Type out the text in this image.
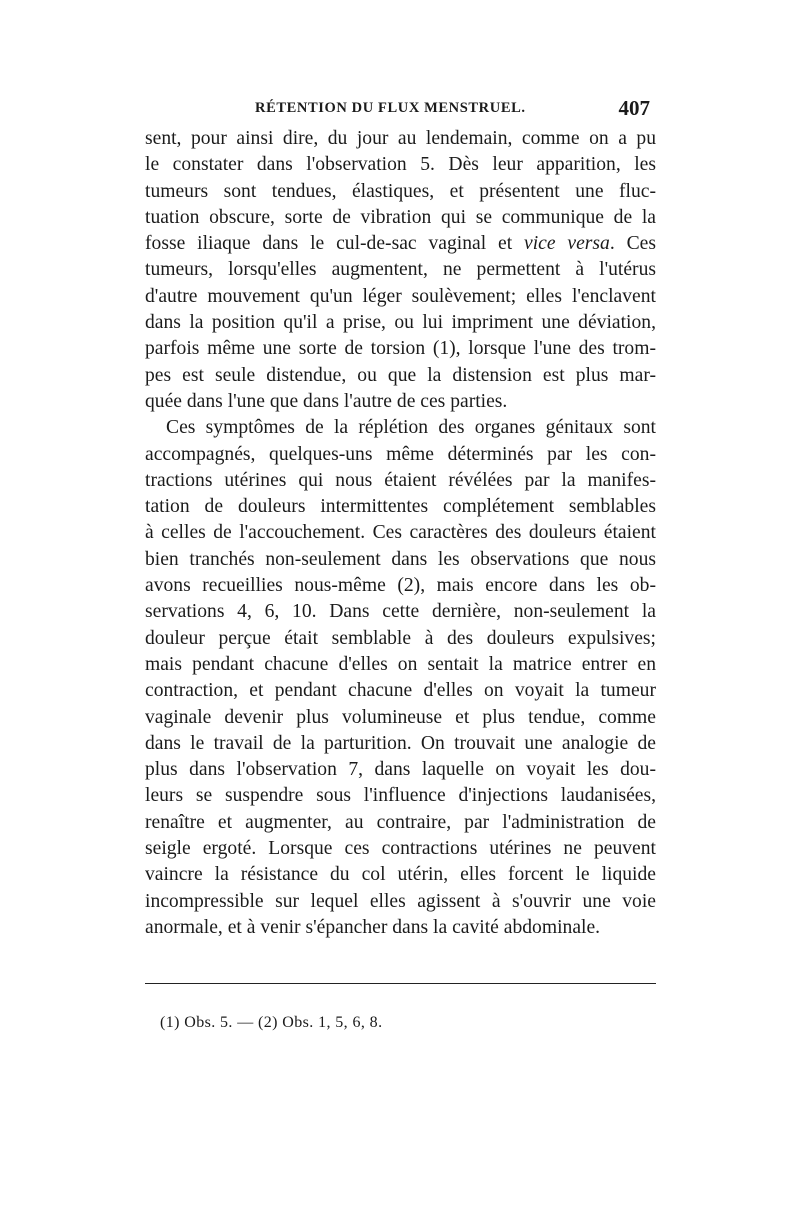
RÉTENTION DU FLUX MENSTRUEL.	407
sent, pour ainsi dire, du jour au lendemain, comme on a pu
le constater dans l'observation 5. Dès leur apparition, les
tumeurs sont tendues, élastiques, et présentent une fluc-
tuation obscure, sorte de vibration qui se communique de la
fosse iliaque dans le cul-de-sac vaginal et vice versa. Ces
tumeurs, lorsqu'elles augmentent, ne permettent à l'utérus
d'autre mouvement qu'un léger soulèvement; elles l'enclavent
dans la position qu'il a prise, ou lui impriment une déviation,
parfois même une sorte de torsion (1), lorsque l'une des trom-
pes est seule distendue, ou que la distension est plus mar-
quée dans l'une que dans l'autre de ces parties.
Ces symptômes de la réplétion des organes génitaux sont
accompagnés, quelques-uns même déterminés par les con-
tractions utérines qui nous étaient révélées par la manifes-
tation de douleurs intermittentes complétement semblables
à celles de l'accouchement. Ces caractères des douleurs étaient
bien tranchés non-seulement dans les observations que nous
avons recueillies nous-même (2), mais encore dans les ob-
servations 4, 6, 10. Dans cette dernière, non-seulement la
douleur perçue était semblable à des douleurs expulsives;
mais pendant chacune d'elles on sentait la matrice entrer en
contraction, et pendant chacune d'elles on voyait la tumeur
vaginale devenir plus volumineuse et plus tendue, comme
dans le travail de la parturition. On trouvait une analogie de
plus dans l'observation 7, dans laquelle on voyait les dou-
leurs se suspendre sous l'influence d'injections laudanisées,
renaître et augmenter, au contraire, par l'administration de
seigle ergoté. Lorsque ces contractions utérines ne peuvent
vaincre la résistance du col utérin, elles forcent le liquide
incompressible sur lequel elles agissent à s'ouvrir une voie
anormale, et à venir s'épancher dans la cavité abdominale.
(1) Obs. 5. — (2) Obs. 1, 5, 6, 8.
